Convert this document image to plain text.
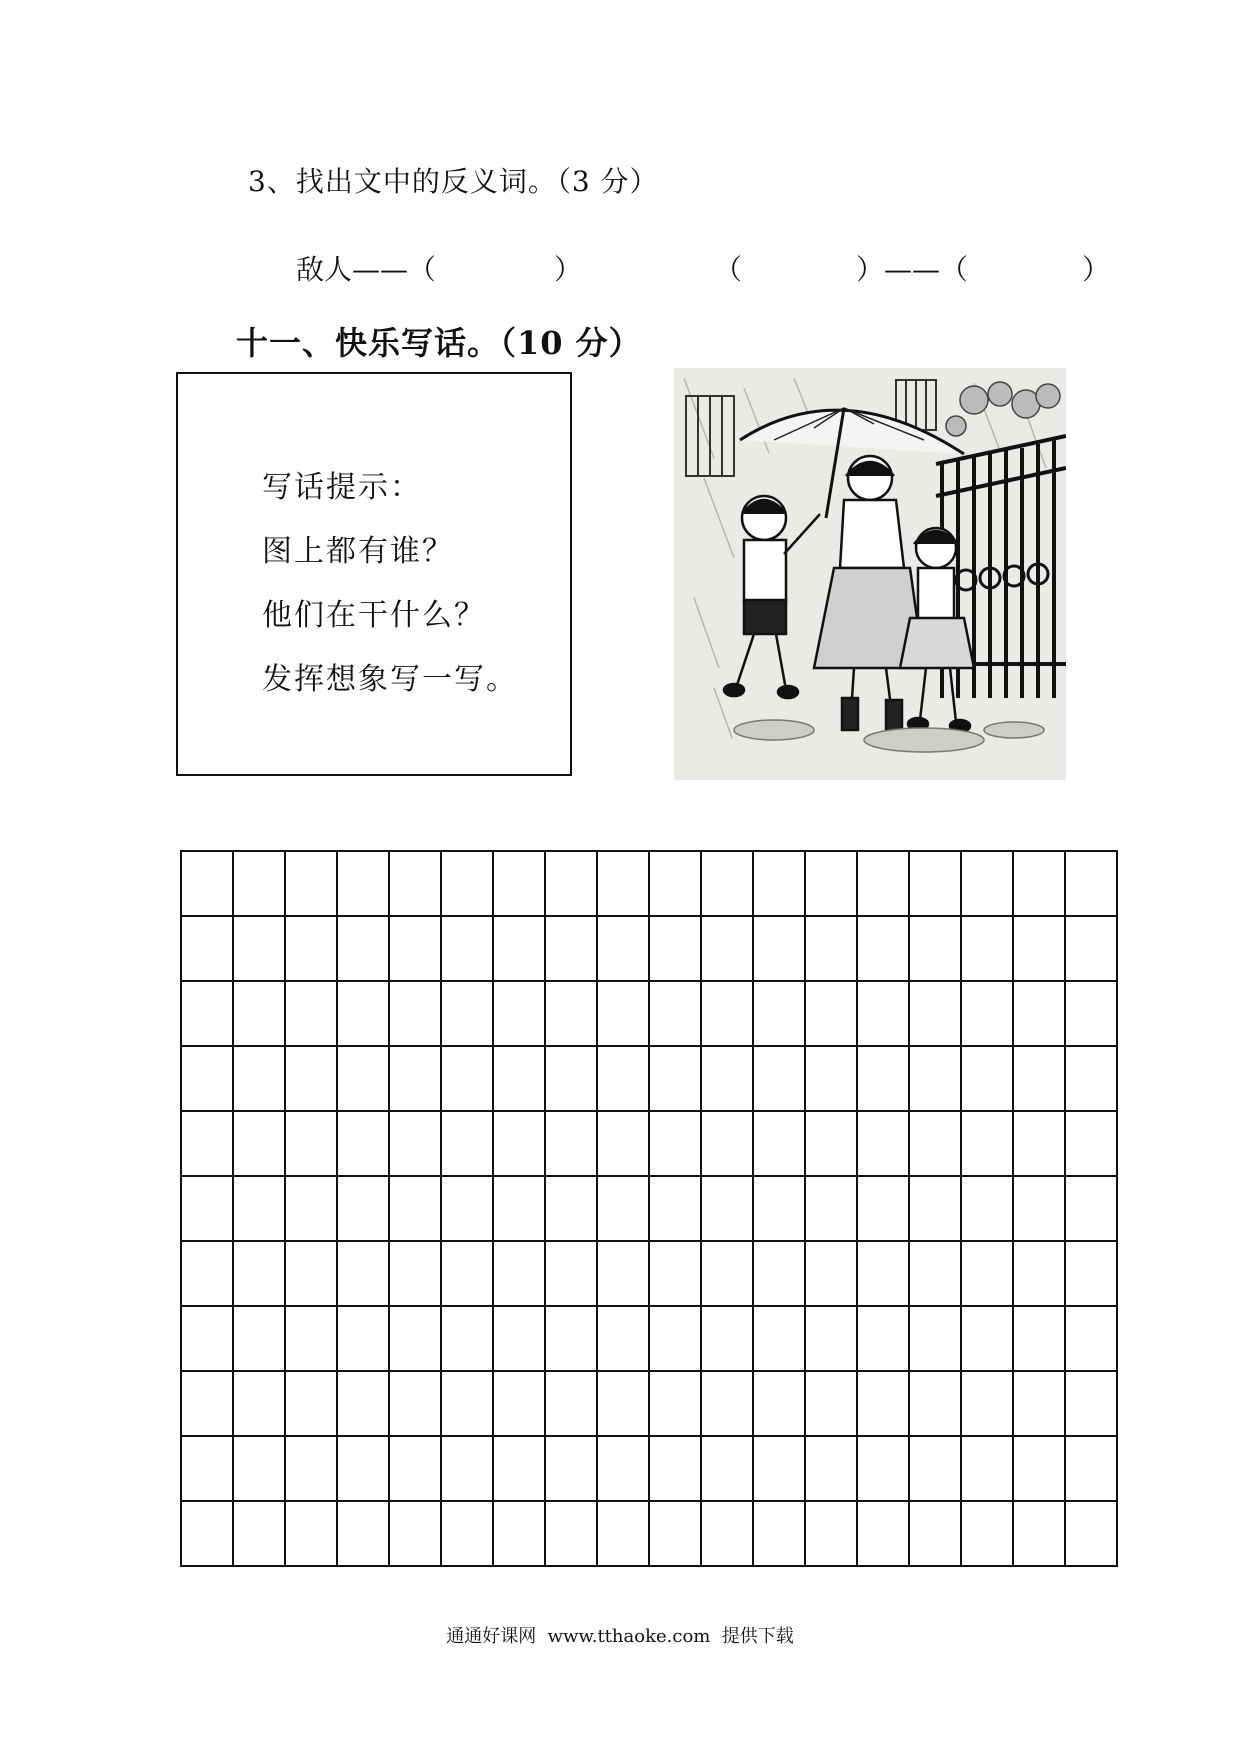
3、找出文中的反义词。（3 分）
敌人——（	）	（	）——（	）
十一、快乐写话。（10 分）
写话提示：
图上都有谁？
他们在干什么？
发挥想象写一写。
通通好课网  www.tthaoke.com  提供下载
